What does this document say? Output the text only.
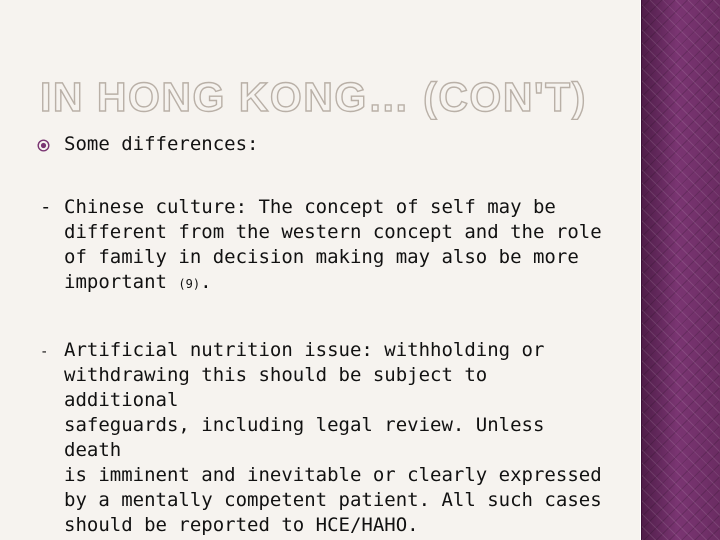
IN HONG KONG… (CON'T)
Some differences:
- Chinese culture: The concept of self may be
different from the western concept and the role
of family in decision making may also be more
important (9).
- Artificial nutrition issue: withholding or
withdrawing this should be subject to additional
safeguards, including legal review. Unless death
is imminent and inevitable or clearly expressed
by a mentally competent patient. All such cases
should be reported to HCE/HAHO.
